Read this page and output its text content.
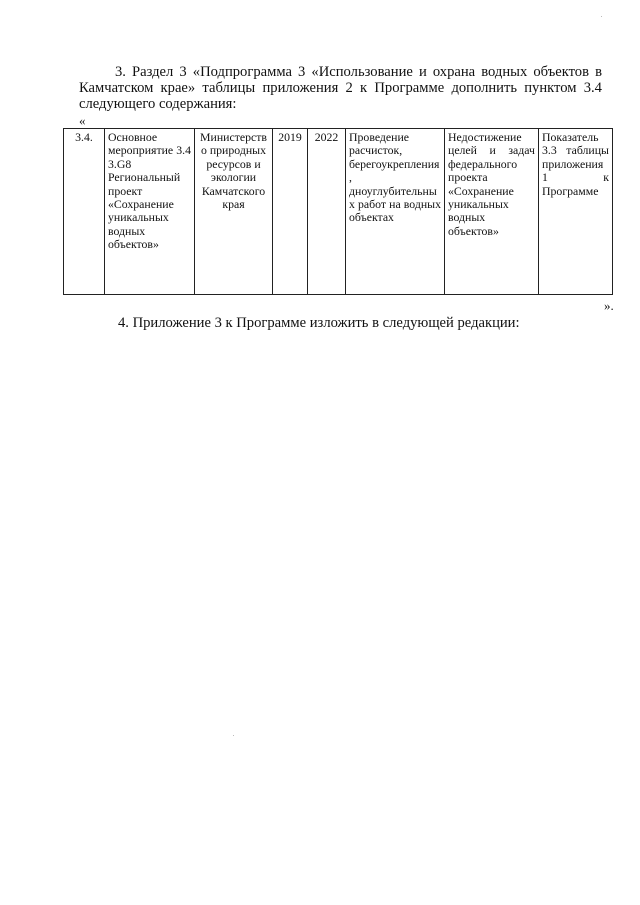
3. Раздел 3 «Подпрограмма 3 «Использование и охрана водных объектов в Камчатском крае» таблицы приложения 2 к Программе дополнить пунктом 3.4 следующего содержания:
«
3.4.	Основное мероприятие 3.4 3.G8 Региональный проект «Сохранение уникальных водных объектов»	Министерство природных ресурсов и экологии Камчатского края	2019	2022	Проведение расчисток, берегоукрепления, дноуглубительных работ на водных объектах	Недостижение целей и задач федерального проекта «Сохранение уникальных водных объектов»	Показатель 3.3 таблицы приложения 1 к Программе
».
4. Приложение 3 к Программе изложить в следующей редакции:
